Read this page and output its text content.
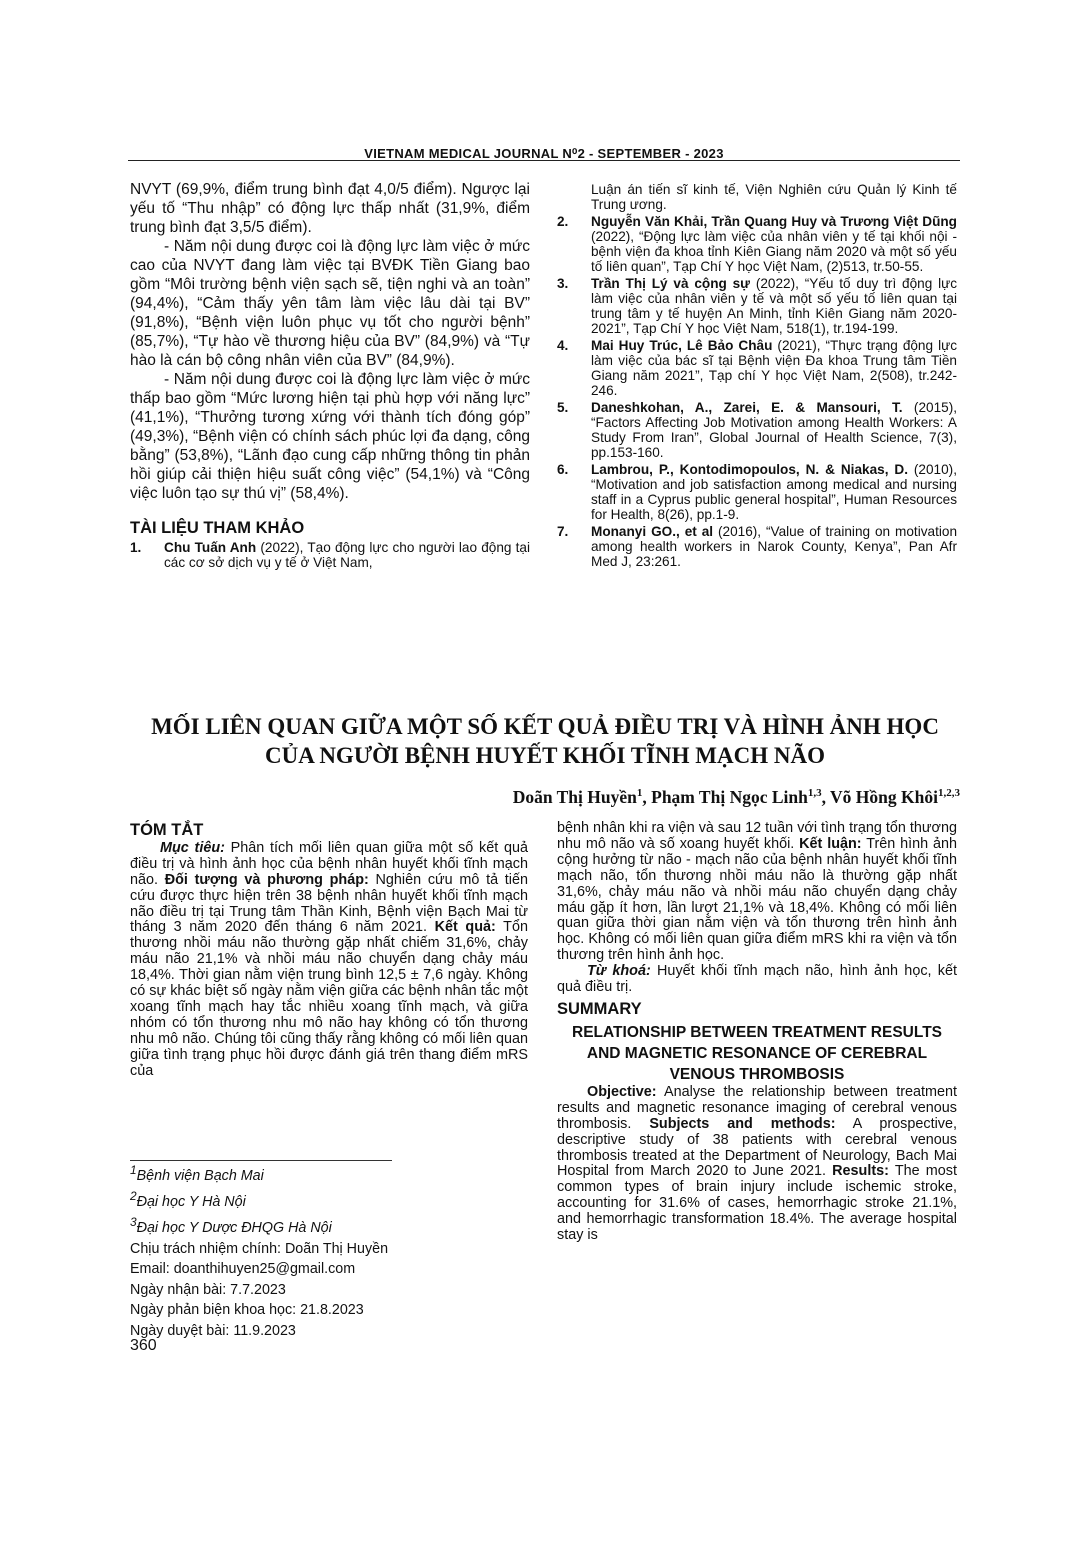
VIETNAM MEDICAL JOURNAL N⁰2 - SEPTEMBER - 2023

NVYT (69,9%, điểm trung bình đạt 4,0/5 điểm). Ngược lại yếu tố “Thu nhập” có động lực thấp nhất (31,9%, điểm trung bình đạt 3,5/5 điểm).

- Năm nội dung được coi là động lực làm việc ở mức cao của NVYT đang làm việc tại BVĐK Tiền Giang bao gồm “Môi trường bệnh viện sạch sẽ, tiện nghi và an toàn” (94,4%), “Cảm thấy yên tâm làm việc lâu dài tại BV” (91,8%), “Bệnh viện luôn phục vụ tốt cho người bệnh” (85,7%), “Tự hào về thương hiệu của BV” (84,9%) và “Tự hào là cán bộ công nhân viên của BV” (84,9%).

- Năm nội dung được coi là động lực làm việc ở mức thấp bao gồm “Mức lương hiện tại phù hợp với năng lực” (41,1%), “Thưởng tương xứng với thành tích đóng góp” (49,3%), “Bệnh viện có chính sách phúc lợi đa dạng, công bằng” (53,8%), “Lãnh đạo cung cấp những thông tin phản hồi giúp cải thiện hiệu suất công việc” (54,1%) và “Công việc luôn tạo sự thú vị” (58,4%).

TÀI LIỆU THAM KHẢO
1.	Chu Tuấn Anh (2022), Tạo động lực cho người lao động tại các cơ sở dịch vụ y tế ở Việt Nam,
Luận án tiến sĩ kinh tế, Viện Nghiên cứu Quản lý Kinh tế Trung ương.
2.	Nguyễn Văn Khải, Trần Quang Huy và Trương Việt Dũng (2022), “Động lực làm việc của nhân viên y tế tại khối nội - bệnh viện đa khoa tỉnh Kiên Giang năm 2020 và một số yếu tố liên quan”, Tạp Chí Y học Việt Nam, (2)513, tr.50-55.
3.	Trần Thị Lý và cộng sự (2022), “Yếu tố duy trì động lực làm việc của nhân viên y tế và một số yếu tố liên quan tại trung tâm y tế huyện An Minh, tỉnh Kiên Giang năm 2020-2021”, Tạp Chí Y học Việt Nam, 518(1), tr.194-199.
4.	Mai Huy Trúc, Lê Bảo Châu (2021), “Thực trạng động lực làm việc của bác sĩ tại Bệnh viện Đa khoa Trung tâm Tiền Giang năm 2021”, Tạp chí Y học Việt Nam, 2(508), tr.242-246.
5.	Daneshkohan, A., Zarei, E. & Mansouri, T. (2015), “Factors Affecting Job Motivation among Health Workers: A Study From Iran”, Global Journal of Health Science, 7(3), pp.153-160.
6.	Lambrou, P., Kontodimopoulos, N. & Niakas, D. (2010), “Motivation and job satisfaction among medical and nursing staff in a Cyprus public general hospital”, Human Resources for Health, 8(26), pp.1-9.
7.	Monanyi GO., et al (2016), “Value of training on motivation among health workers in Narok County, Kenya”, Pan Afr Med J, 23:261.
MỐI LIÊN QUAN GIỮA MỘT SỐ KẾT QUẢ ĐIỀU TRỊ VÀ HÌNH ẢNH HỌC
CỦA NGƯỜI BỆNH HUYẾT KHỐI TĨNH MẠCH NÃO
Doãn Thị Huyền$^1$, Phạm Thị Ngọc Linh$^{1,3}$, Võ Hồng Khôi$^{1,2,3}$
TÓM TẮT

Mục tiêu: Phân tích mối liên quan giữa một số kết quả điều trị và hình ảnh học của bệnh nhân huyết khối tĩnh mạch não. Đối tượng và phương pháp: Nghiên cứu mô tả tiến cứu được thực hiện trên 38 bệnh nhân huyết khối tĩnh mạch não điều trị tại Trung tâm Thần Kinh, Bệnh viện Bạch Mai từ tháng 3 năm 2020 đến tháng 6 năm 2021. Kết quả: Tổn thương nhồi máu não thường gặp nhất chiếm 31,6%, chảy máu não 21,1% và nhồi máu não chuyển dạng chảy máu 18,4%. Thời gian nằm viện trung bình 12,5 ± 7,6 ngày. Không có sự khác biệt số ngày nằm viện giữa các bệnh nhân tắc một xoang tĩnh mạch hay tắc nhiều xoang tĩnh mạch, và giữa nhóm có tổn thương nhu mô não hay không có tổn thương nhu mô não. Chúng tôi cũng thấy rằng không có mối liên quan giữa tình trạng phục hồi được đánh giá trên thang điểm mRS của

bệnh nhân khi ra viện và sau 12 tuần với tình trạng tổn thương nhu mô não và số xoang huyết khối. Kết luận: Trên hình ảnh cộng hưởng từ não - mạch não của bệnh nhân huyết khối tĩnh mạch não, tổn thương nhồi máu não là thường gặp nhất 31,6%, chảy máu não và nhồi máu não chuyển dạng chảy máu gặp ít hơn, lần lượt 21,1% và 18,4%. Không có mối liên quan giữa thời gian nằm viện và tổn thương trên hình ảnh học. Không có mối liên quan giữa điểm mRS khi ra viện và tổn thương trên hình ảnh học.

Từ khoá: Huyết khối tĩnh mạch não, hình ảnh học, kết quả điều trị.

SUMMARY
RELATIONSHIP BETWEEN TREATMENT RESULTS AND MAGNETIC RESONANCE OF CEREBRAL VENOUS THROMBOSIS

Objective: Analyse the relationship between treatment results and magnetic resonance imaging of cerebral venous thrombosis. Subjects and methods: A prospective, descriptive study of 38 patients with cerebral venous thrombosis treated at the Department of Neurology, Bach Mai Hospital from March 2020 to June 2021. Results: The most common types of brain injury include ischemic stroke, accounting for 31.6% of cases, hemorrhagic stroke 21.1%, and hemorrhagic transformation 18.4%. The average hospital stay is

$^1$Bệnh viện Bạch Mai
$^2$Đại học Y Hà Nội
$^3$Đại học Y Dược ĐHQG Hà Nội
Chịu trách nhiệm chính: Doãn Thị Huyền
Email: doanthihuyen25@gmail.com
Ngày nhận bài: 7.7.2023
Ngày phản biện khoa học: 21.8.2023
Ngày duyệt bài: 11.9.2023
360
